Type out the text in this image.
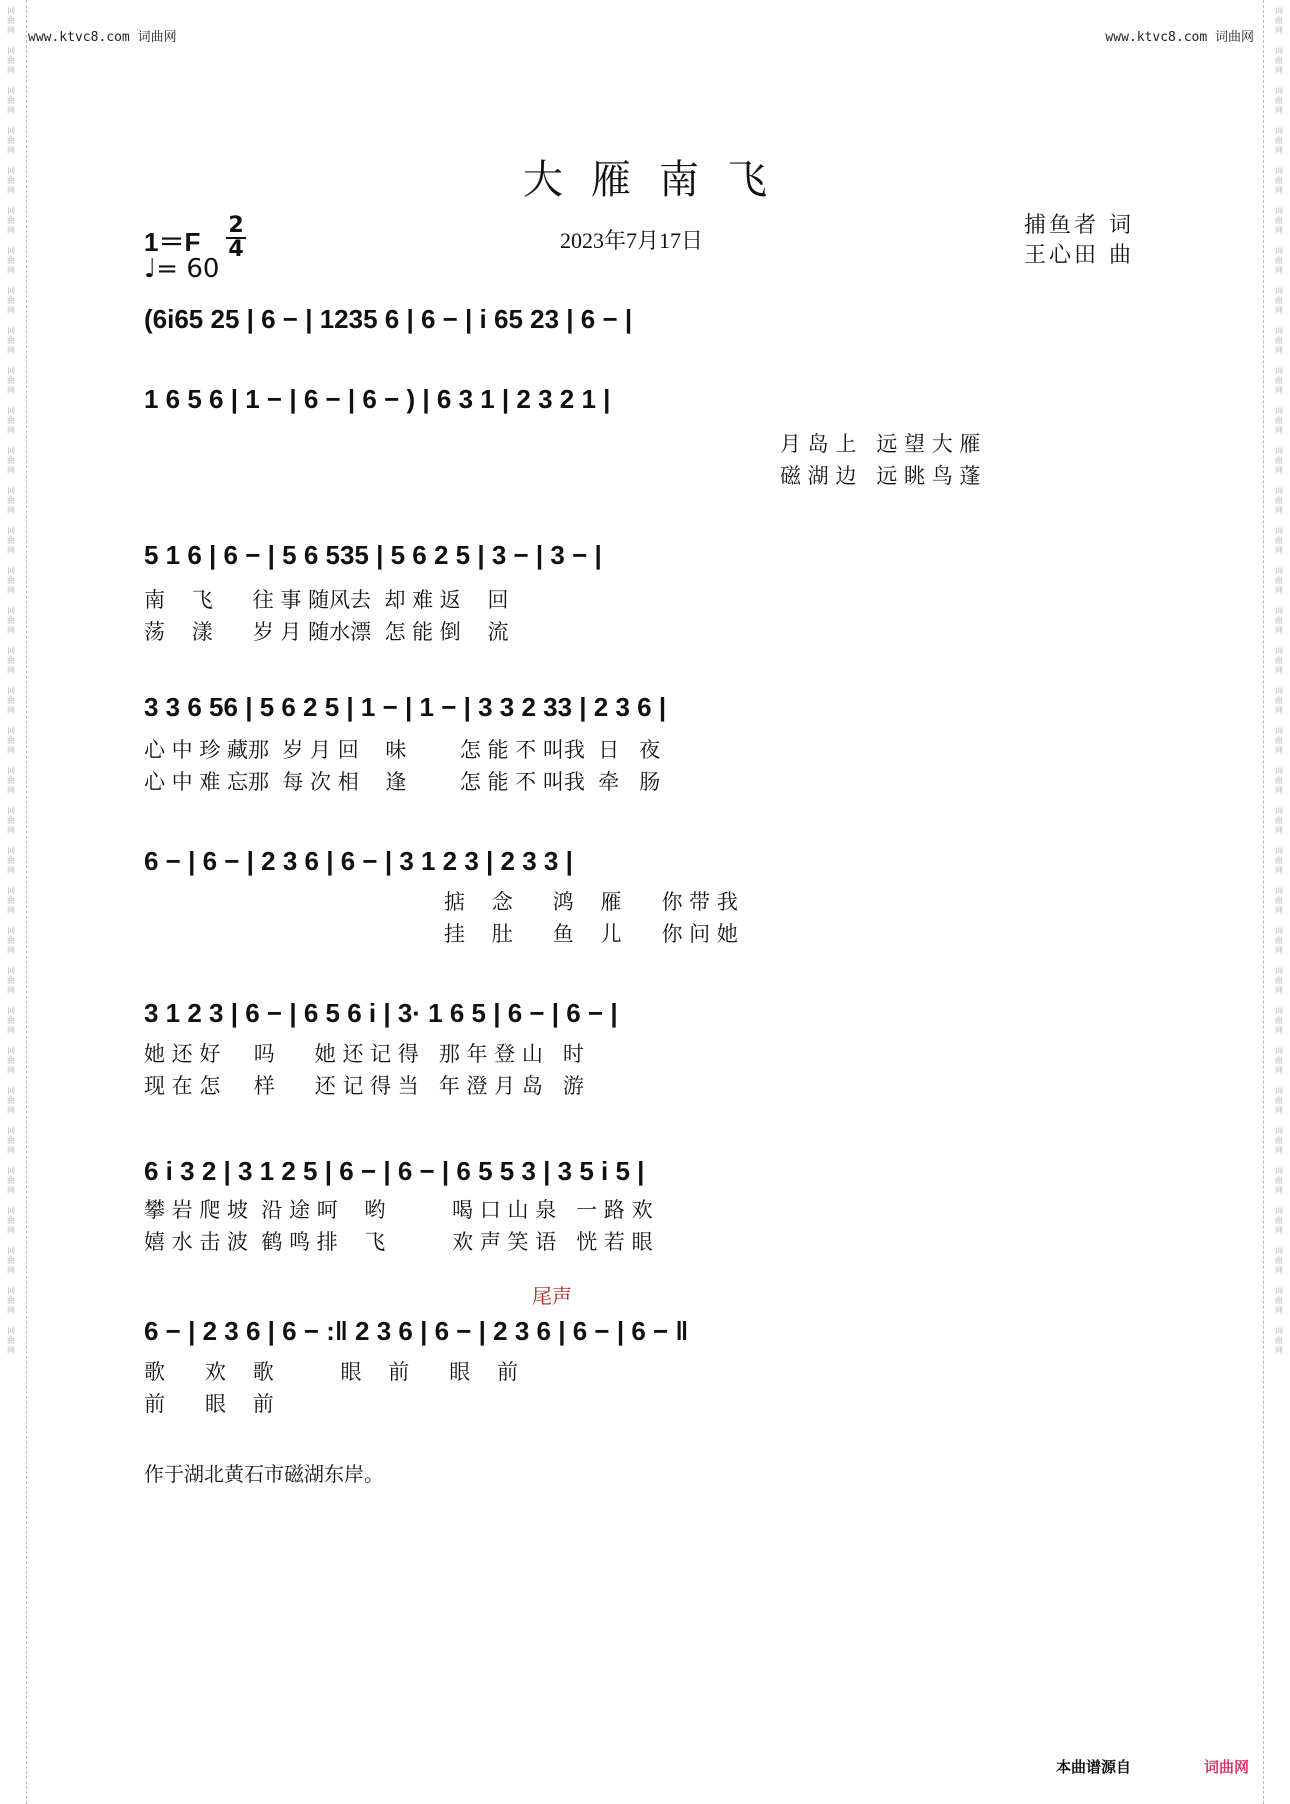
词曲网

词曲网

词曲网

词曲网

词曲网

词曲网

词曲网

词曲网

词曲网

词曲网

词曲网

词曲网

词曲网

词曲网

词曲网

词曲网

词曲网

词曲网

词曲网

词曲网

词曲网

词曲网

词曲网

词曲网

词曲网

词曲网

词曲网

词曲网

词曲网

词曲网

词曲网

词曲网

词曲网

词曲网
词曲网

词曲网

词曲网

词曲网

词曲网

词曲网

词曲网

词曲网

词曲网

词曲网

词曲网

词曲网

词曲网

词曲网

词曲网

词曲网

词曲网

词曲网

词曲网

词曲网

词曲网

词曲网

词曲网

词曲网

词曲网

词曲网

词曲网

词曲网

词曲网

词曲网

词曲网

词曲网

词曲网

词曲网
www.ktvc8.com 词曲网	www.ktvc8.com 词曲网
大雁南飞
1＝F
2
4
♩= 60
2023年7月17日
捕鱼者 词
王心田 曲
(6i65 25 | 6 − | 1235 6 | 6 − | i 65 23 | 6 − |
1 6 5 6 | 1 − | 6 − | 6 − ) | 6 3 1 | 2 3 2 1 |
月 岛 上   远 望 大 雁
磁 湖 边   远 眺 鸟 蓬
5 1 6 | 6 − | 5 6 535 | 5 6 2 5 | 3 − | 3 − |
南    飞      往 事 随风去  却 难 返    回
荡    漾      岁 月 随水漂  怎 能 倒    流
3 3 6 56 | 5 6 2 5 | 1 − | 1 − | 3 3 2 33 | 2 3 6 |
心 中 珍 藏那  岁 月 回    味        怎 能 不 叫我  日   夜
心 中 难 忘那  每 次 相    逢        怎 能 不 叫我  牵   肠
6 − | 6 − | 2 3 6 | 6 − | 3 1 2 3 | 2 3 3 |
掂    念      鸿    雁      你 带 我
挂    肚      鱼    儿      你 问 她
3 1 2 3 | 6 − | 6 5 6 i | 3· 1 6 5 | 6 − | 6 − |
她 还 好     吗      她 还 记 得   那 年 登 山   时
现 在 怎     样      还 记 得 当   年 澄 月 岛   游
6 i 3 2 | 3 1 2 5 | 6 − | 6 − | 6 5 5 3 | 3 5 i 5 |
攀 岩 爬 坡  沿 途 呵    哟          喝 口 山 泉   一 路 欢
嬉 水 击 波  鹤 鸣 排    飞          欢 声 笑 语   恍 若 眼
尾声
6 − | 2 3 6 | 6 − :‖ 2 3 6 | 6 − | 2 3 6 | 6 − | 6 − ‖
歌      欢    歌          眼    前      眼    前
前      眼    前
作于湖北黄石市磁湖东岸。
本曲谱源自	词曲网
